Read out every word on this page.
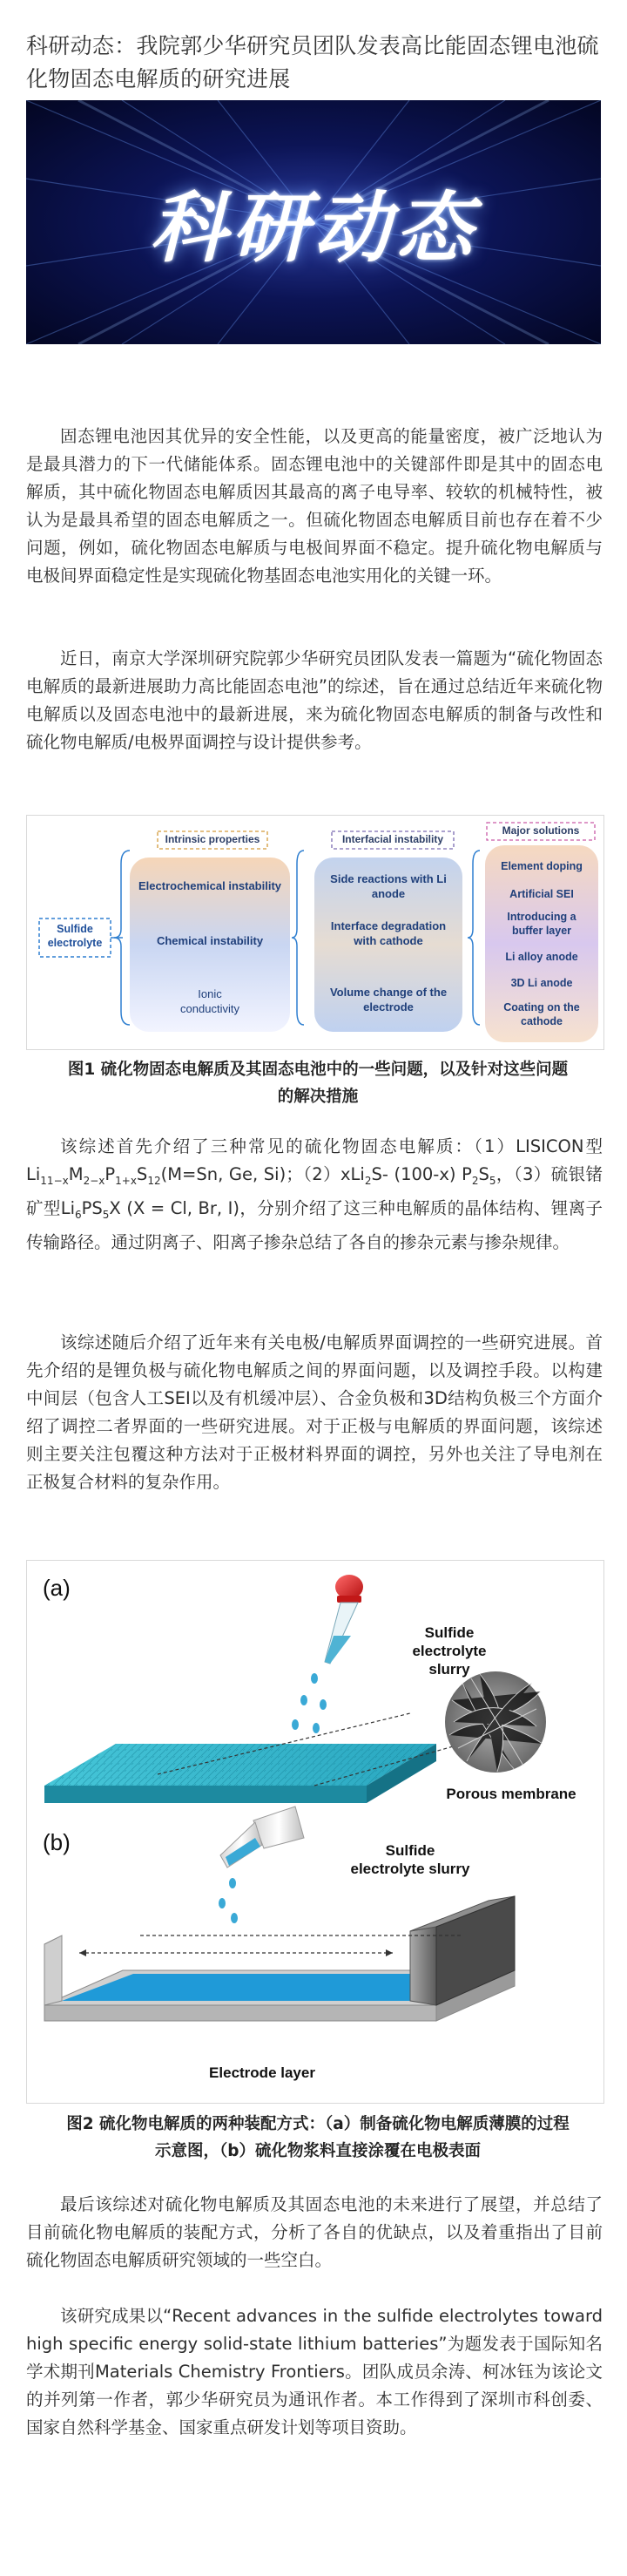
科研动态：我院郭少华研究员团队发表高比能固态锂电池硫化物固态电解质的研究进展
科研动态

固态锂电池因其优异的安全性能，以及更高的能量密度，被广泛地认为是最具潜力的下一代储能体系。固态锂电池中的关键部件即是其中的固态电解质，其中硫化物固态电解质因其最高的离子电导率、较软的机械特性，被认为是最具希望的固态电解质之一。但硫化物固态电解质目前也存在着不少问题，例如，硫化物固态电解质与电极间界面不稳定。提升硫化物电解质与电极间界面稳定性是实现硫化物基固态电池实用化的关键一环。

近日，南京大学深圳研究院郭少华研究员团队发表一篇题为“硫化物固态电解质的最新进展助力高比能固态电池”的综述，旨在通过总结近年来硫化物电解质以及固态电池中的最新进展，来为硫化物固态电解质的制备与改性和硫化物电解质/电极界面调控与设计提供参考。

Sulfide electrolyte
Intrinsic properties
Electrochemical instability
Chemical instability
Ionic conductivity
Interfacial instability
Side reactions with Li anode
Interface degradation with cathode
Volume change of the electrode
Major solutions
Element doping
Artificial SEI
Introducing a buffer layer
Li alloy anode
3D Li anode
Coating on the cathode
图1 硫化物固态电解质及其固态电池中的一些问题，以及针对这些问题的解决措施

该综述首先介绍了三种常见的硫化物固态电解质：（1）LISICON型$Li_{11-x}M_{2-x}P_{1+x}S_{12}(M=Sn$, Ge, Si)；（2）xLi$_2$S- (100-x) $P_2S_5$，（3）硫银锗矿型$Li_6PS_5X$ (X = Cl, Br, I)，分别介绍了这三种电解质的晶体结构、锂离子传输路径。通过阴离子、阳离子掺杂总结了各自的掺杂元素与掺杂规律。

该综述随后介绍了近年来有关电极/电解质界面调控的一些研究进展。首先介绍的是锂负极与硫化物电解质之间的界面问题，以及调控手段。以构建中间层（包含人工SEI以及有机缓冲层）、合金负极和3D结构负极三个方面介绍了调控二者界面的一些研究进展。对于正极与电解质的界面问题，该综述则主要关注包覆这种方法对于正极材料界面的调控，另外也关注了导电剂在正极复合材料的复杂作用。

(a)
Sulfide electrolyte slurry
Porous membrane
(b)	Sulfide electrolyte slurry
Electrode layer
图2 硫化物电解质的两种装配方式：（a）制备硫化物电解质薄膜的过程示意图，（b）硫化物浆料直接涂覆在电极表面

最后该综述对硫化物电解质及其固态电池的未来进行了展望，并总结了目前硫化物电解质的装配方式，分析了各自的优缺点，以及着重指出了目前硫化物固态电解质研究领域的一些空白。

该研究成果以“Recent advances in the sulfide electrolytes toward high specific energy solid-state lithium batteries”为题发表于国际知名学术期刊Materials Chemistry Frontiers。团队成员余涛、柯冰钰为该论文的并列第一作者，郭少华研究员为通讯作者。本工作得到了深圳市科创委、国家自然科学基金、国家重点研发计划等项目资助。
